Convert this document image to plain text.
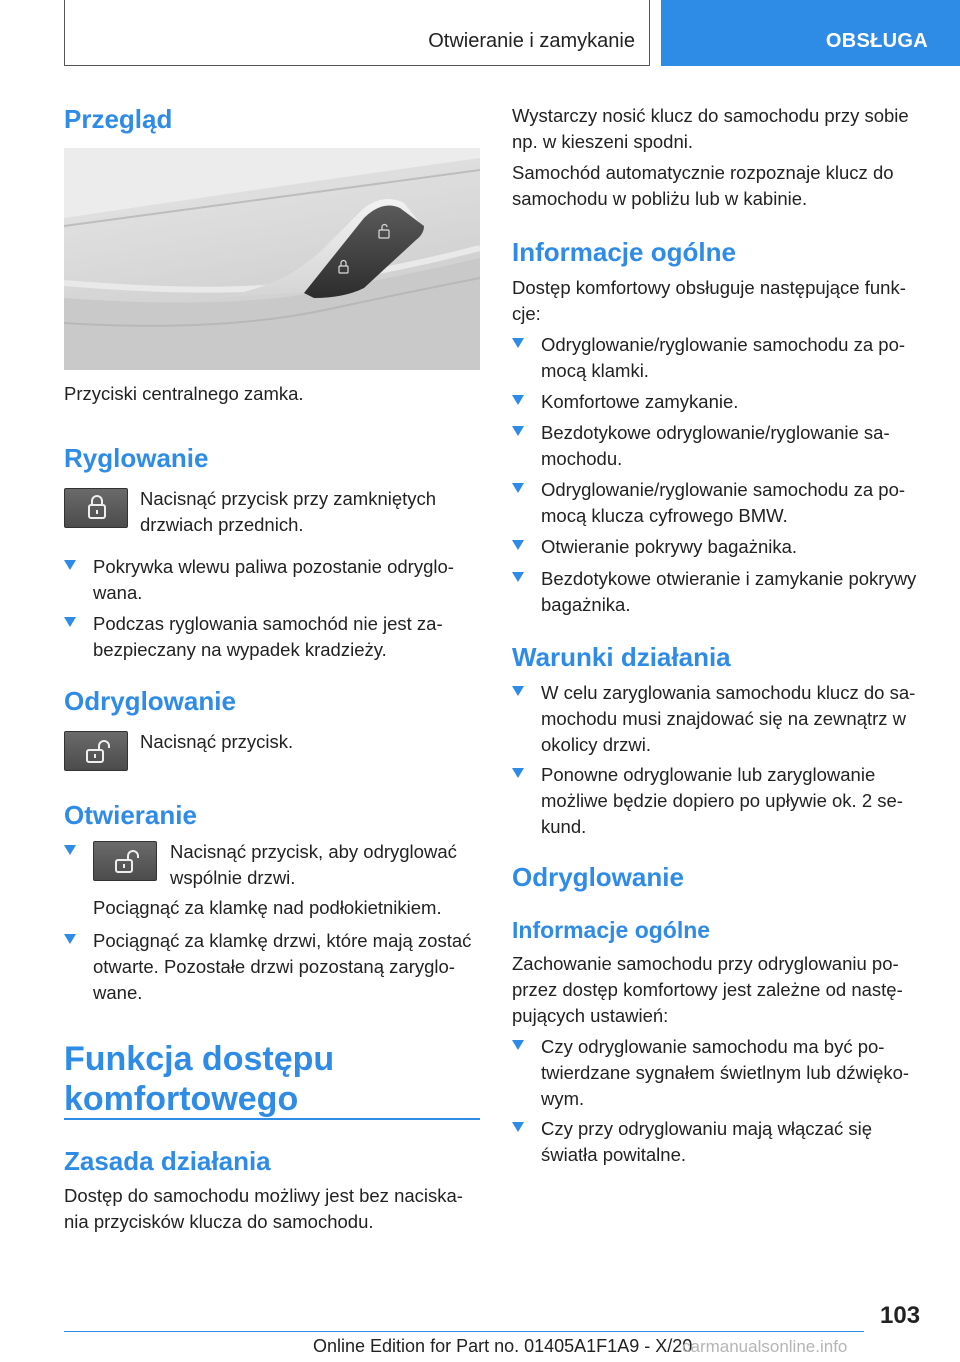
Otwieranie i zamykanie	OBSŁUGA
Przegląd
Przyciski centralnego zamka.
Ryglowanie
Nacisnąć przycisk przy zamkniętych
drzwiach przednich.
Pokrywka wlewu paliwa pozostanie odryglo-
wana.
Podczas ryglowania samochód nie jest za-
bezpieczany na wypadek kradzieży.
Odryglowanie
Nacisnąć przycisk.
Otwieranie
Nacisnąć przycisk, aby odryglować
wspólnie drzwi.
Pociągnąć za klamkę nad podłokietnikiem.
Pociągnąć za klamkę drzwi, które mają zostać
otwarte. Pozostałe drzwi pozostaną zaryglo-
wane.
Funkcja dostępu
komfortowego
Zasada działania
Dostęp do samochodu możliwy jest bez naciska-
nia przycisków klucza do samochodu.
Wystarczy nosić klucz do samochodu przy sobie
np. w kieszeni spodni.
Samochód automatycznie rozpoznaje klucz do
samochodu w pobliżu lub w kabinie.
Informacje ogólne
Dostęp komfortowy obsługuje następujące funk-
cje:
Odryglowanie/ryglowanie samochodu za po-
mocą klamki.
Komfortowe zamykanie.
Bezdotykowe odryglowanie/ryglowanie sa-
mochodu.
Odryglowanie/ryglowanie samochodu za po-
mocą klucza cyfrowego BMW.
Otwieranie pokrywy bagażnika.
Bezdotykowe otwieranie i zamykanie pokrywy
bagażnika.
Warunki działania
W celu zaryglowania samochodu klucz do sa-
mochodu musi znajdować się na zewnątrz w
okolicy drzwi.
Ponowne odryglowanie lub zaryglowanie
możliwe będzie dopiero po upływie ok. 2 se-
kund.
Odryglowanie
Informacje ogólne
Zachowanie samochodu przy odryglowaniu po-
przez dostęp komfortowy jest zależne od nastę-
pujących ustawień:
Czy odryglowanie samochodu ma być po-
twierdzane sygnałem świetlnym lub dźwięko-
wym.
Czy przy odryglowaniu mają włączać się
światła powitalne.
103
Online Edition for Part no. 01405A1F1A9 - X/20
carmanualsonline.info
